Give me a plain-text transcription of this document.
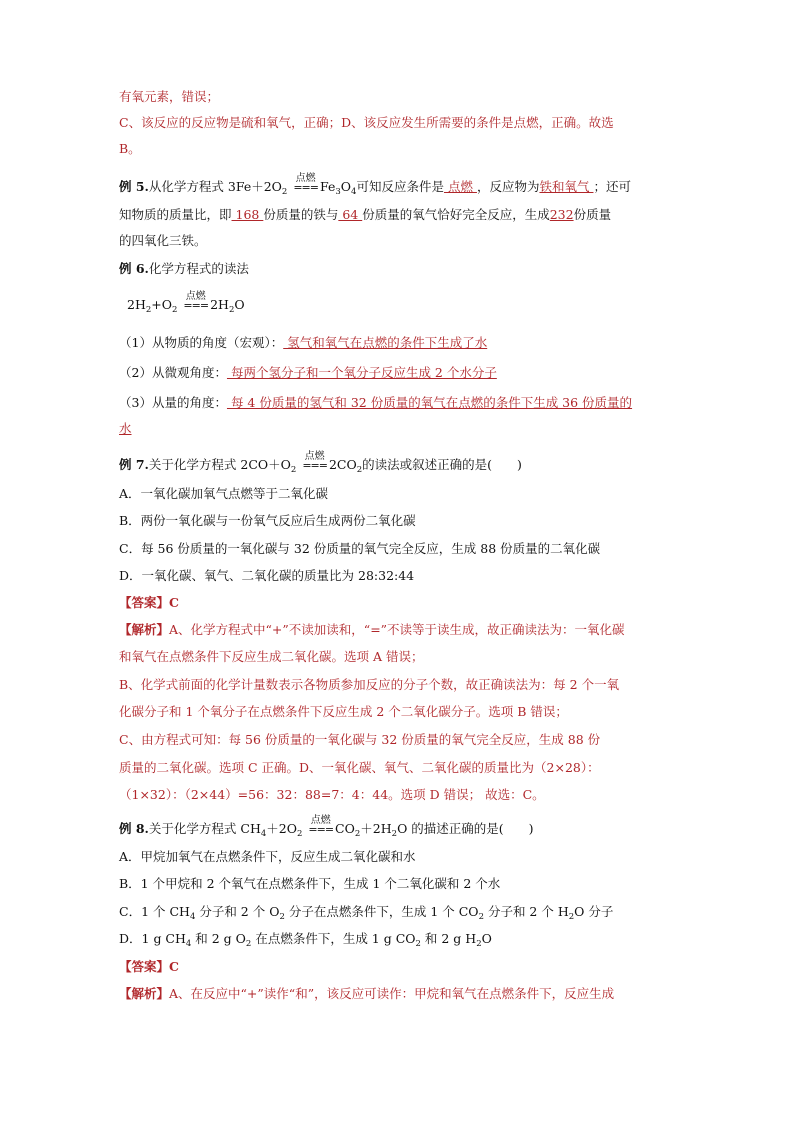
有氧元素，错误；
C、该反应的反应物是硫和氧气，正确；D、该反应发生所需要的条件是点燃，正确。故选
B。
例 5.从化学方程式 $3Fe+2O_2$
点燃
=== $Fe_3O_4$可知反应条件是 点燃 ，反应物为铁和氧气 ；还可
知物质的质量比，即 168 份质量的铁与 64 份质量的氧气恰好完全反应，生成232份质量
的四氧化三铁。
例 6.化学方程式的读法
$2H_2+O_2$
点燃
=== $2H_2O$
（1）从物质的角度（宏观）： 氢气和氧气在点燃的条件下生成了水
（2）从微观角度： 每两个氢分子和一个氧分子反应生成 2 个水分子
（3）从量的角度： 每 4 份质量的氢气和 32 份质量的氧气在点燃的条件下生成 36 份质量的
水
例 7.关于化学方程式 $2CO+O_2$
点燃
=== $2CO_2$的读法或叙述正确的是(　　)
A．一氧化碳加氧气点燃等于二氧化碳
B．两份一氧化碳与一份氧气反应后生成两份二氧化碳
C．每 56 份质量的一氧化碳与 32 份质量的氧气完全反应，生成 88 份质量的二氧化碳
D．一氧化碳、氧气、二氧化碳的质量比为 28:32:44
【答案】C
【解析】A、化学方程式中“+”不读加读和，“=”不读等于读生成，故正确读法为：一氧化碳
和氧气在点燃条件下反应生成二氧化碳。选项 A 错误；
B、化学式前面的化学计量数表示各物质参加反应的分子个数，故正确读法为：每 2 个一氧
化碳分子和 1 个氧分子在点燃条件下反应生成 2 个二氧化碳分子。选项 B 错误；
C、由方程式可知：每 56 份质量的一氧化碳与 32 份质量的氧气完全反应，生成 88 份
质量的二氧化碳。选项 C 正确。D、一氧化碳、氧气、二氧化碳的质量比为（2×28）：
（1×32）：（2×44）=56：32：88=7：4：44。选项 D 错误； 故选：C。
例 8.关于化学方程式 $CH_4+2O_2$
点燃
=== $CO_2+2H_2O$ 的描述正确的是(　　)
A．甲烷加氧气在点燃条件下，反应生成二氧化碳和水
B．1 个甲烷和 2 个氧气在点燃条件下，生成 1 个二氧化碳和 2 个水
C．1 个 $CH_4$ 分子和 2 个 $O_2$ 分子在点燃条件下，生成 1 个 $CO_2$ 分子和 2 个 $H_2O$ 分子
D．1 g $CH_4$ 和 2 g $O_2$ 在点燃条件下，生成 1 g $CO_2$ 和 2 g $H_2O$
【答案】C
【解析】A、在反应中“+”读作“和”，该反应可读作：甲烷和氧气在点燃条件下，反应生成
